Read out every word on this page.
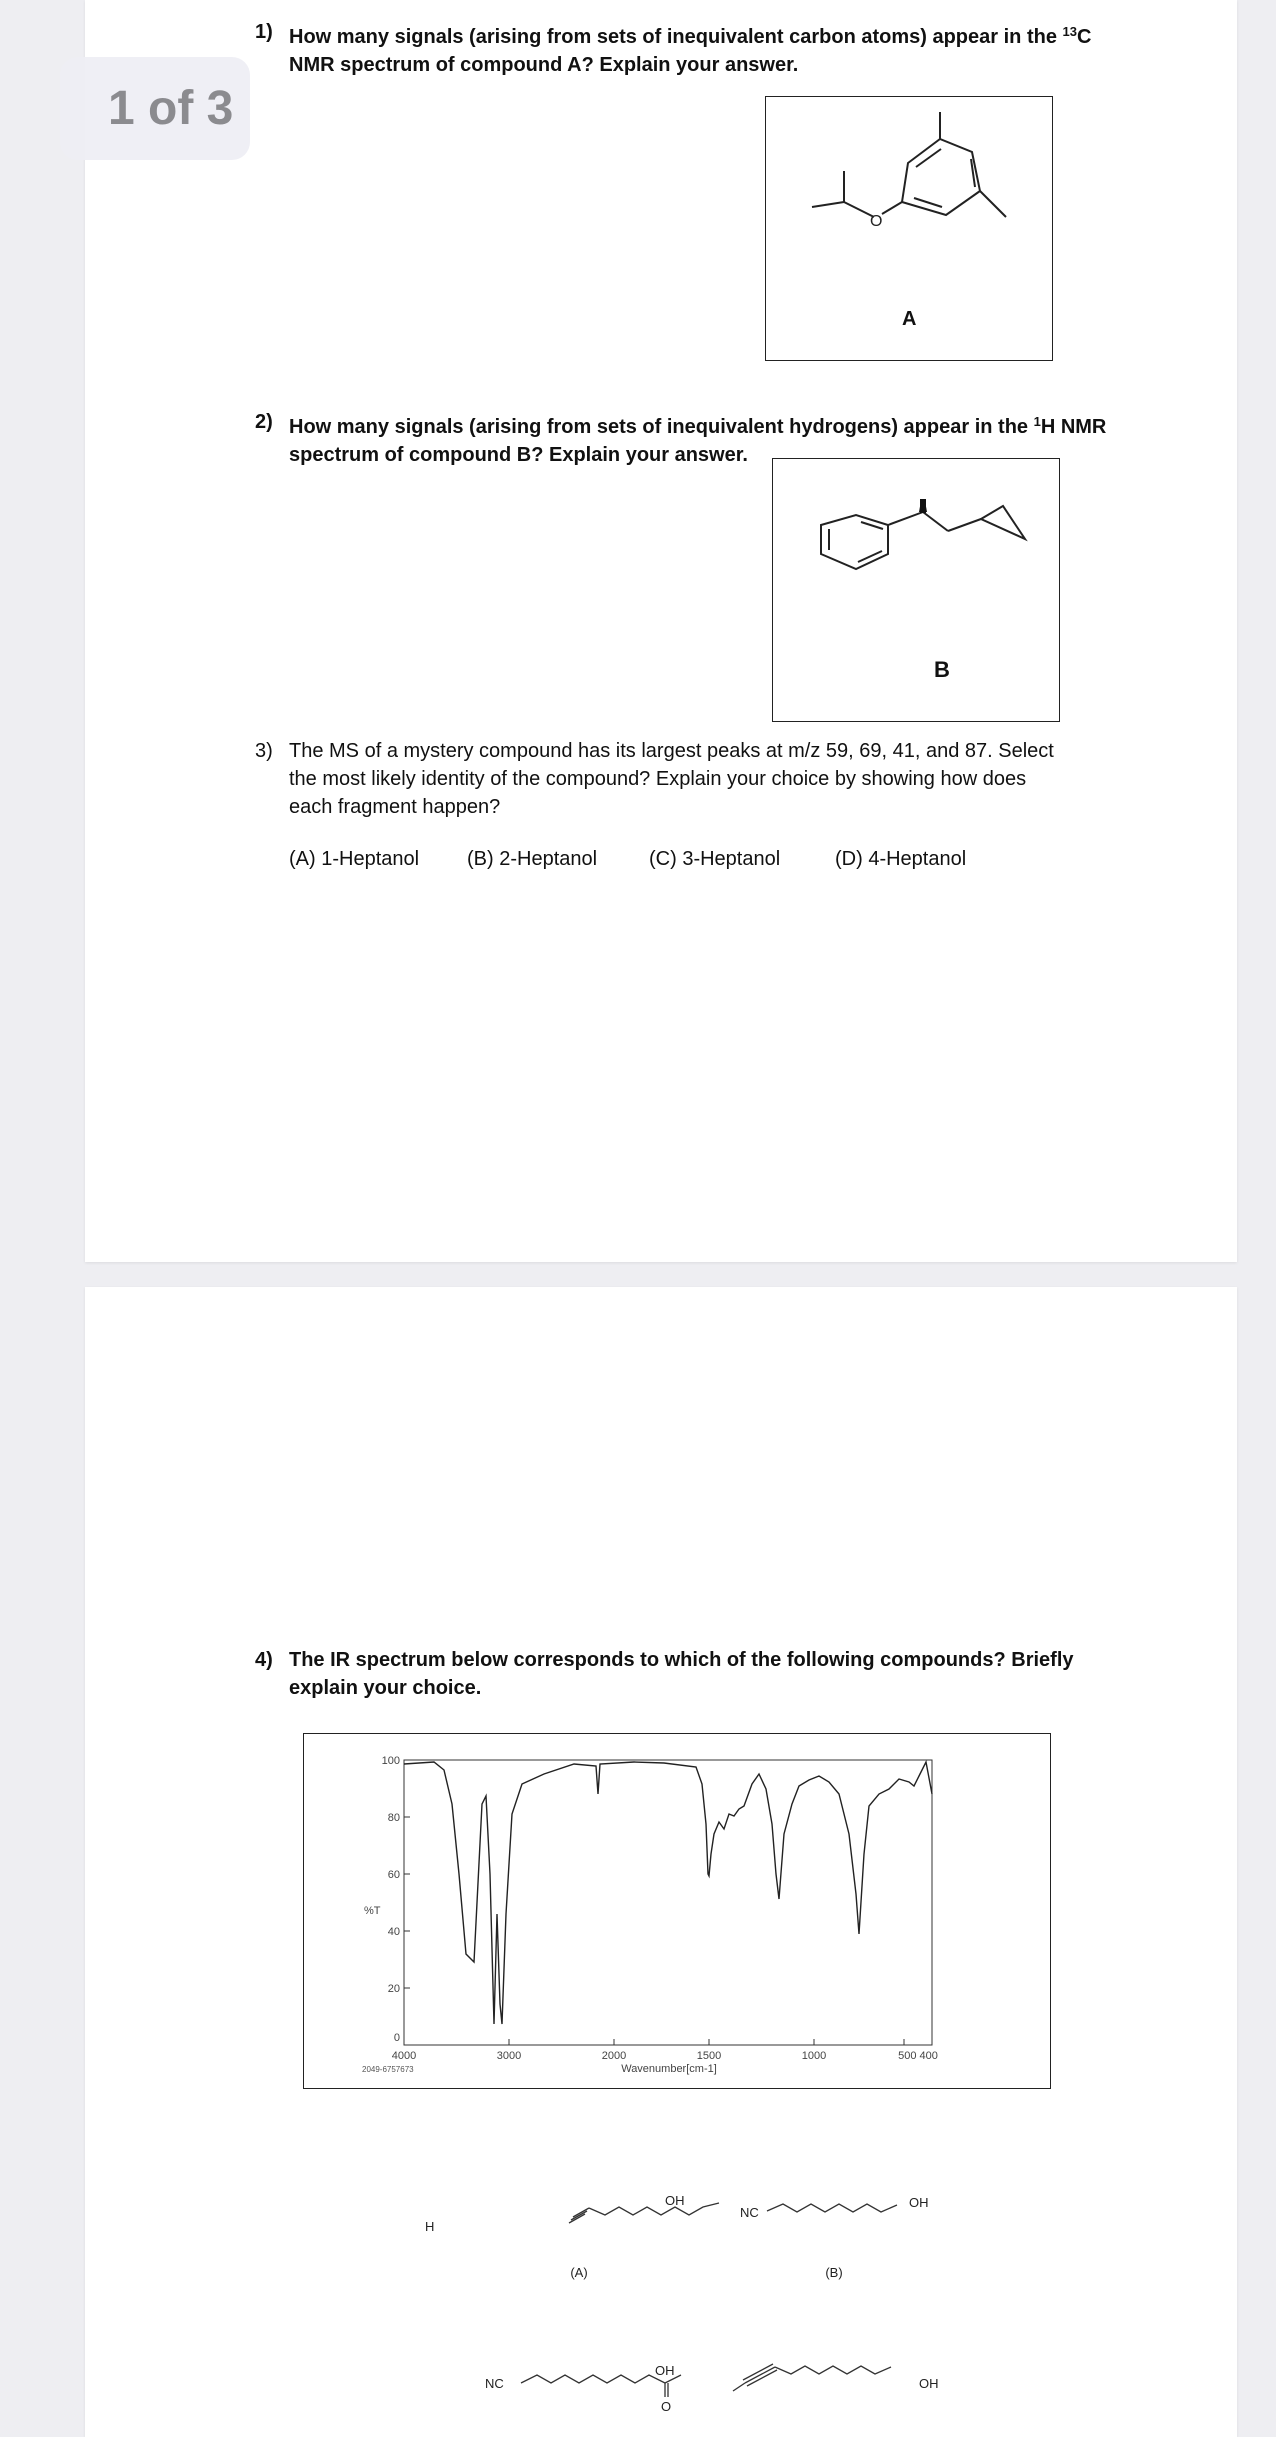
1) How many signals (arising from sets of inequivalent carbon atoms) appear in the $^{13}$C
NMR spectrum of compound A? Explain your answer.
O
A
2) How many signals (arising from sets of inequivalent hydrogens) appear in the $^1$H NMR
spectrum of compound B? Explain your answer.
B
3) The MS of a mystery compound has its largest peaks at m/z 59, 69, 41, and 87. Select
the most likely identity of the compound? Explain your choice by showing how does
each fragment happen?
(A) 1-Heptanol (B) 2-Heptanol	(C) 3-Heptanol	(D) 4-Heptanol
1 of 3
4) The IR spectrum below corresponds to which of the following compounds? Briefly
explain your choice.
100
80
60
40
20
0
%T
4000	3000	2000	1500	1000	500 400
Wavenumber[cm-1]
2049-6757673
H
OH
NC
OH
NC
OH
O
OH
(A)	(B)
